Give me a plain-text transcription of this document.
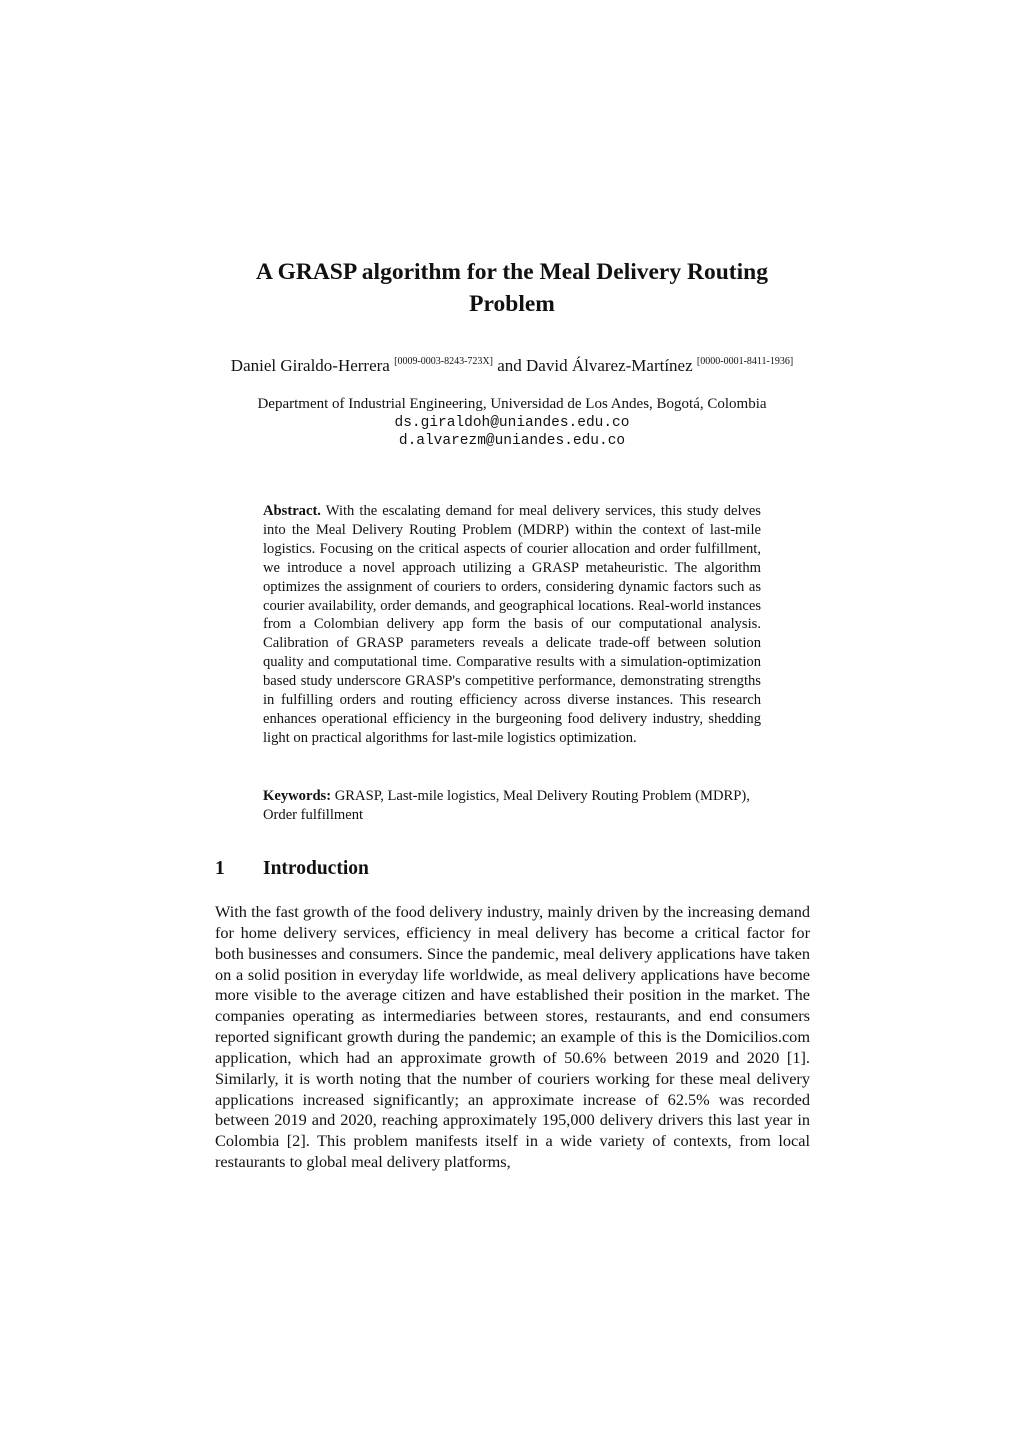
A GRASP algorithm for the Meal Delivery Routing
Problem
Daniel Giraldo-Herrera [0009-0003-8243-723X] and David Álvarez-Martínez [0000-0001-8411-1936]
Department of Industrial Engineering, Universidad de Los Andes, Bogotá, Colombia
ds.giraldoh@uniandes.edu.co
d.alvarezm@uniandes.edu.co

Abstract. With the escalating demand for meal delivery services, this study delves into the Meal Delivery Routing Problem (MDRP) within the context of last-mile logistics. Focusing on the critical aspects of courier allocation and order fulfillment, we introduce a novel approach utilizing a GRASP metaheuristic. The algorithm optimizes the assignment of couriers to orders, considering dynamic factors such as courier availability, order demands, and geographical locations. Real-world instances from a Colombian delivery app form the basis of our computational analysis. Calibration of GRASP parameters reveals a delicate trade-off between solution quality and computational time. Comparative results with a simulation-optimization based study underscore GRASP's competitive performance, demonstrating strengths in fulfilling orders and routing efficiency across diverse instances. This research enhances operational efficiency in the burgeoning food delivery industry, shedding light on practical algorithms for last-mile logistics optimization.

Keywords: GRASP, Last-mile logistics, Meal Delivery Routing Problem (MDRP), Order fulfillment
1 Introduction

With the fast growth of the food delivery industry, mainly driven by the increasing demand for home delivery services, efficiency in meal delivery has become a critical factor for both businesses and consumers. Since the pandemic, meal delivery applications have taken on a solid position in everyday life worldwide, as meal delivery applications have become more visible to the average citizen and have established their position in the market. The companies operating as intermediaries between stores, restaurants, and end consumers reported significant growth during the pandemic; an example of this is the Domicilios.com application, which had an approximate growth of 50.6% between 2019 and 2020 [1]. Similarly, it is worth noting that the number of couriers working for these meal delivery applications increased significantly; an approximate increase of 62.5% was recorded between 2019 and 2020, reaching approximately 195,000 delivery drivers this last year in Colombia [2]. This problem manifests itself in a wide variety of contexts, from local restaurants to global meal delivery platforms,
